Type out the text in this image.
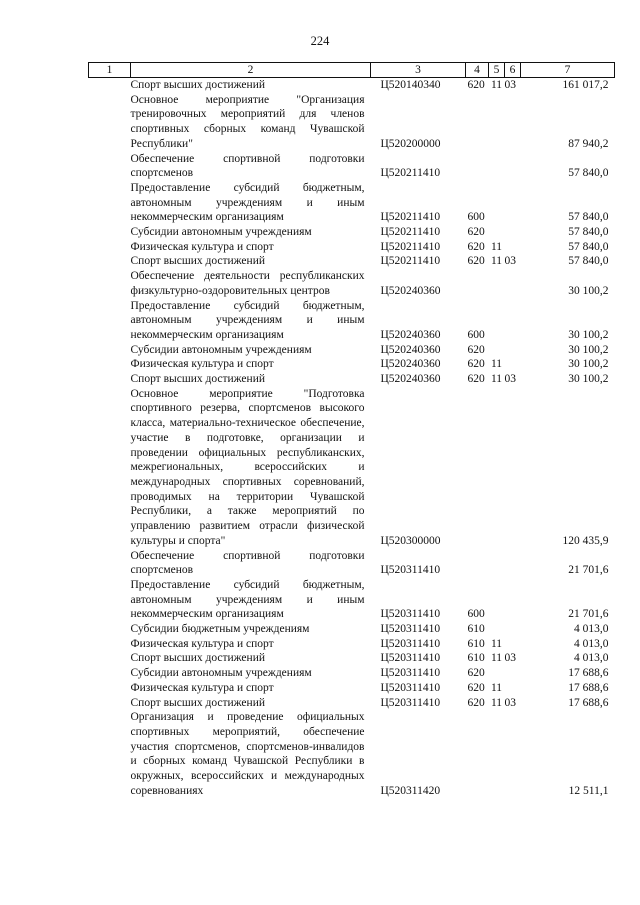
224
1	2	3	4	5	6	7
	Спорт высших достижений	Ц520140340	620	11	03	161 017,2
	Основное мероприятие "Организация тренировочных мероприятий для членов спортивных сборных команд Чувашской Республики"	Ц520200000				87 940,2
	Обеспечение спортивной подготовки спортсменов	Ц520211410				57 840,0
	Предоставление субсидий бюджетным, автономным учреждениям и иным некоммерческим организациям	Ц520211410	600			57 840,0
	Субсидии автономным учреждениям	Ц520211410	620			57 840,0
	Физическая культура и спорт	Ц520211410	620	11		57 840,0
	Спорт высших достижений	Ц520211410	620	11	03	57 840,0
	Обеспечение деятельности республиканских физкультурно-оздоровительных центров	Ц520240360				30 100,2
	Предоставление субсидий бюджетным, автономным учреждениям и иным некоммерческим организациям	Ц520240360	600			30 100,2
	Субсидии автономным учреждениям	Ц520240360	620			30 100,2
	Физическая культура и спорт	Ц520240360	620	11		30 100,2
	Спорт высших достижений	Ц520240360	620	11	03	30 100,2
	Основное мероприятие "Подготовка спортивного резерва, спортсменов высокого класса, материально-техническое обеспечение, участие в подготовке, организации и проведении официальных республиканских, межрегиональных, всероссийских и международных спортивных соревнований, проводимых на территории Чувашской Республики, а также мероприятий по управлению развитием отрасли физической культуры и спорта"	Ц520300000				120 435,9
	Обеспечение спортивной подготовки спортсменов	Ц520311410				21 701,6
	Предоставление субсидий бюджетным, автономным учреждениям и иным некоммерческим организациям	Ц520311410	600			21 701,6
	Субсидии бюджетным учреждениям	Ц520311410	610			4 013,0
	Физическая культура и спорт	Ц520311410	610	11		4 013,0
	Спорт высших достижений	Ц520311410	610	11	03	4 013,0
	Субсидии автономным учреждениям	Ц520311410	620			17 688,6
	Физическая культура и спорт	Ц520311410	620	11		17 688,6
	Спорт высших достижений	Ц520311410	620	11	03	17 688,6
	Организация и проведение официальных спортивных мероприятий, обеспечение участия спортсменов, спортсменов-инвалидов и сборных команд Чувашской Республики в окружных, всероссийских и международных соревнованиях	Ц520311420				12 511,1
